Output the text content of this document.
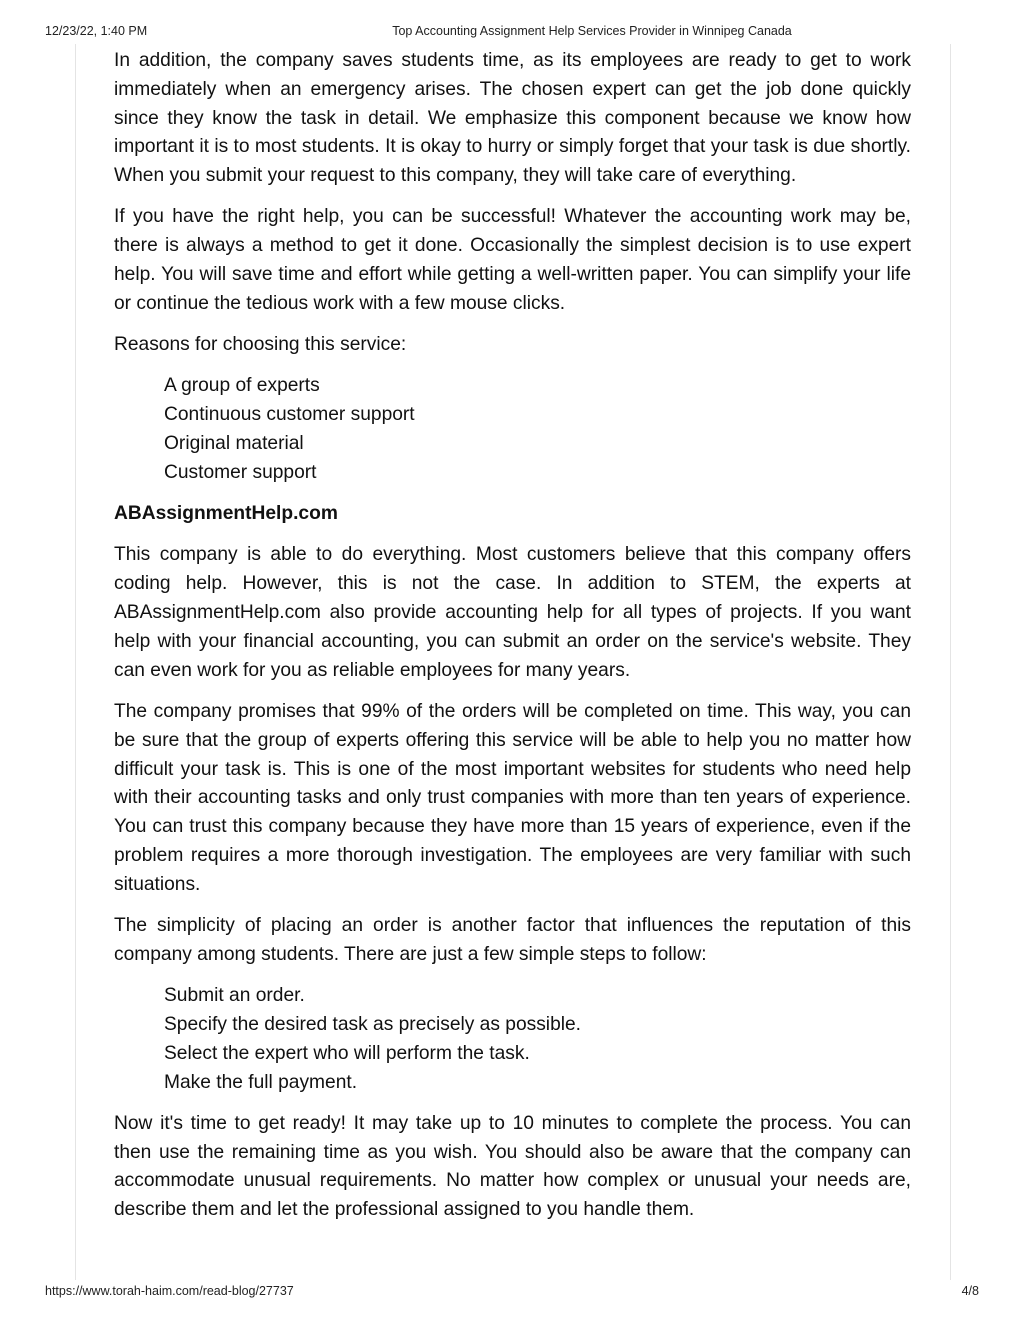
12/23/22, 1:40 PM	Top Accounting Assignment Help Services Provider in Winnipeg Canada

In addition, the company saves students time, as its employees are ready to get to work immediately when an emergency arises. The chosen expert can get the job done quickly since they know the task in detail. We emphasize this component because we know how important it is to most students. It is okay to hurry or simply forget that your task is due shortly. When you submit your request to this company, they will take care of everything.

If you have the right help, you can be successful! Whatever the accounting work may be, there is always a method to get it done. Occasionally the simplest decision is to use expert help. You will save time and effort while getting a well-written paper. You can simplify your life or continue the tedious work with a few mouse clicks.

Reasons for choosing this service:

A group of experts
Continuous customer support
Original material
Customer support

ABAssignmentHelp.com

This company is able to do everything. Most customers believe that this company offers coding help. However, this is not the case. In addition to STEM, the experts at ABAssignmentHelp.com also provide accounting help for all types of projects. If you want help with your financial accounting, you can submit an order on the service's website. They can even work for you as reliable employees for many years.

The company promises that 99% of the orders will be completed on time. This way, you can be sure that the group of experts offering this service will be able to help you no matter how difficult your task is. This is one of the most important websites for students who need help with their accounting tasks and only trust companies with more than ten years of experience. You can trust this company because they have more than 15 years of experience, even if the problem requires a more thorough investigation. The employees are very familiar with such situations.

The simplicity of placing an order is another factor that influences the reputation of this company among students. There are just a few simple steps to follow:

Submit an order.
Specify the desired task as precisely as possible.
Select the expert who will perform the task.
Make the full payment.

Now it's time to get ready! It may take up to 10 minutes to complete the process. You can then use the remaining time as you wish. You should also be aware that the company can accommodate unusual requirements. No matter how complex or unusual your needs are, describe them and let the professional assigned to you handle them.

https://www.torah-haim.com/read-blog/27737	4/8
